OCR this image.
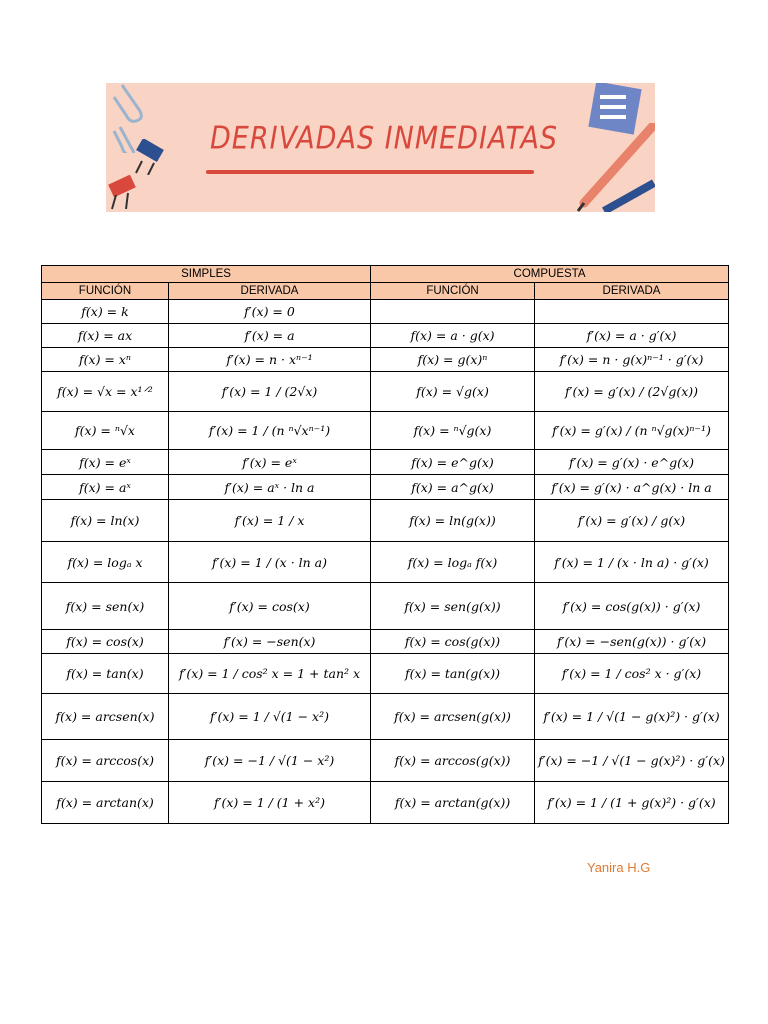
DERIVADAS INMEDIATAS
SIMPLES		COMPUESTA	
FUNCIÓN	DERIVADA	FUNCIÓN	DERIVADA
f(x) = k	f′(x) = 0		
f(x) = ax	f′(x) = a	f(x) = a · g(x)	f′(x) = a · g′(x)
f(x) = xⁿ	f′(x) = n · xⁿ⁻¹	f(x) = g(x)ⁿ	f′(x) = n · g(x)ⁿ⁻¹ · g′(x)
f(x) = √x = x¹ᐟ²	f′(x) = 1 / (2√x)	f(x) = √g(x)	f′(x) = g′(x) / (2√g(x))
f(x) = ⁿ√x	f′(x) = 1 / (n ⁿ√xⁿ⁻¹)	f(x) = ⁿ√g(x)	f′(x) = g′(x) / (n ⁿ√g(x)ⁿ⁻¹)
f(x) = eˣ	f′(x) = eˣ	f(x) = e^g(x)	f′(x) = g′(x) · e^g(x)
f(x) = aˣ	f′(x) = aˣ · ln a	f(x) = a^g(x)	f′(x) = g′(x) · a^g(x) · ln a
f(x) = ln(x)	f′(x) = 1 / x	f(x) = ln(g(x))	f′(x) = g′(x) / g(x)
f(x) = logₐ x	f′(x) = 1 / (x · ln a)	f(x) = logₐ f(x)	f′(x) = 1 / (x · ln a) · g′(x)
f(x) = sen(x)	f′(x) = cos(x)	f(x) = sen(g(x))	f′(x) = cos(g(x)) · g′(x)
f(x) = cos(x)	f′(x) = −sen(x)	f(x) = cos(g(x))	f′(x) = −sen(g(x)) · g′(x)
f(x) = tan(x)	f′(x) = 1 / cos² x = 1 + tan² x	f(x) = tan(g(x))	f′(x) = 1 / cos² x · g′(x)
f(x) = arcsen(x)	f′(x) = 1 / √(1 − x²)	f(x) = arcsen(g(x))	f′(x) = 1 / √(1 − g(x)²) · g′(x)
f(x) = arccos(x)	f′(x) = −1 / √(1 − x²)	f(x) = arccos(g(x))	f′(x) = −1 / √(1 − g(x)²) · g′(x)
f(x) = arctan(x)	f′(x) = 1 / (1 + x²)	f(x) = arctan(g(x))	f′(x) = 1 / (1 + g(x)²) · g′(x)
Yanira H.G
